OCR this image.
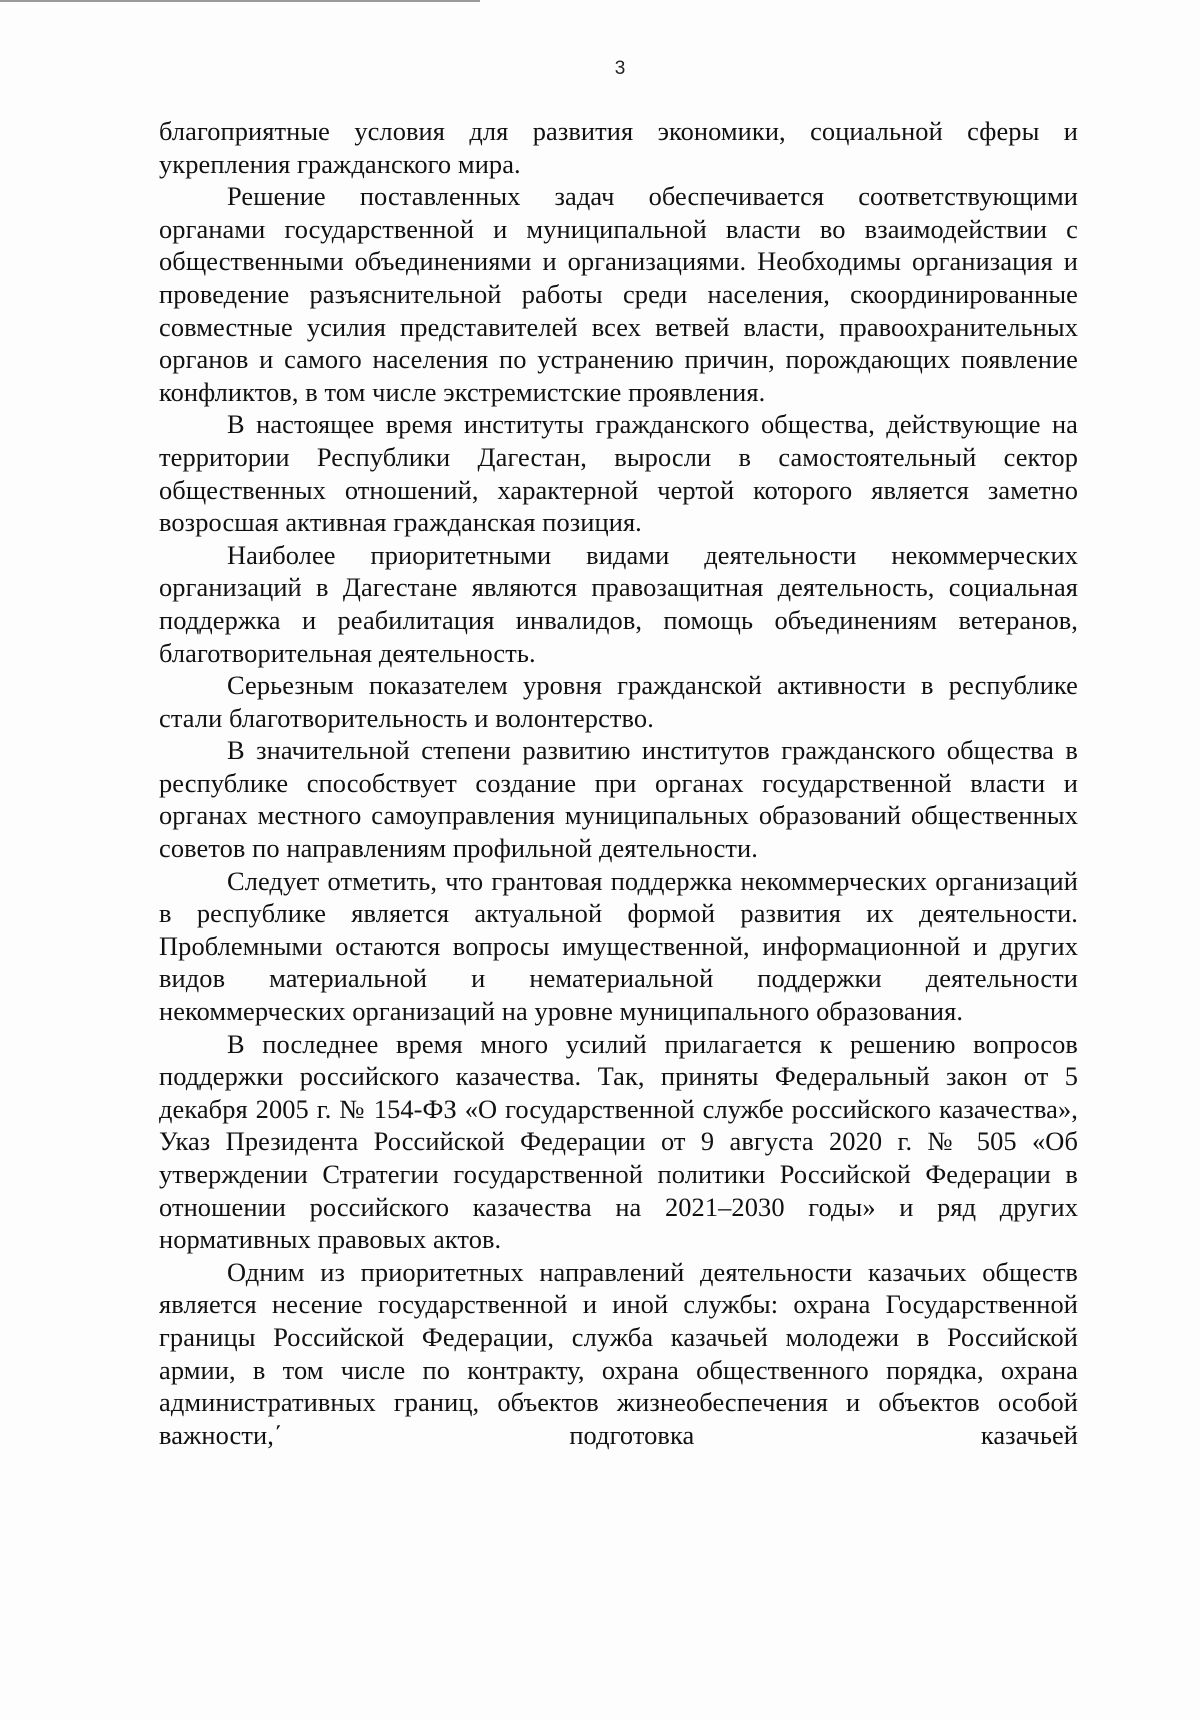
3

благоприятные условия для развития экономики, социальной сферы и укрепления гражданского мира.

Решение поставленных задач обеспечивается соответствующими органами государственной и муниципальной власти во взаимодействии с общественными объединениями и организациями. Необходимы организация и проведение разъяснительной работы среди населения, скоординированные совместные усилия представителей всех ветвей власти, правоохранительных органов и самого населения по устранению причин, порождающих появление конфликтов, в том числе экстремистские проявления.

В настоящее время институты гражданского общества, действующие на территории Республики Дагестан, выросли в самостоятельный сектор общественных отношений, характерной чертой которого является заметно возросшая активная гражданская позиция.

Наиболее приоритетными видами деятельности некоммерческих организаций в Дагестане являются правозащитная деятельность, социальная поддержка и реабилитация инвалидов, помощь объединениям ветеранов, благотворительная деятельность.

Серьезным показателем уровня гражданской активности в республике стали благотворительность и волонтерство.

В значительной степени развитию институтов гражданского общества в республике способствует создание при органах государственной власти и органах местного самоуправления муниципальных образований общественных советов по направлениям профильной деятельности.

Следует отметить, что грантовая поддержка некоммерческих организаций в республике является актуальной формой развития их деятельности. Проблемными остаются вопросы имущественной, информационной и других видов материальной и нематериальной поддержки деятельности некоммерческих организаций на уровне муниципального образования.

В последнее время много усилий прилагается к решению вопросов поддержки российского казачества. Так, приняты Федеральный закон от 5 декабря 2005 г. № 154-ФЗ «О государственной службе российского казачества», Указ Президента Российской Федерации от 9 августа 2020 г. № 505 «Об утверждении Стратегии государственной политики Российской Федерации в отношении российского казачества на 2021–2030 годы» и ряд других нормативных правовых актов.

Одним из приоритетных направлений деятельности казачьих обществ является несение государственной и иной службы: охрана Государственной границы Российской Федерации, служба казачьей молодежи в Российской армии, в том числе по контракту, охрана общественного порядка, охрана административных границ, объектов жизнеобеспечения и объектов особой важности,΄ подготовка казачьей
